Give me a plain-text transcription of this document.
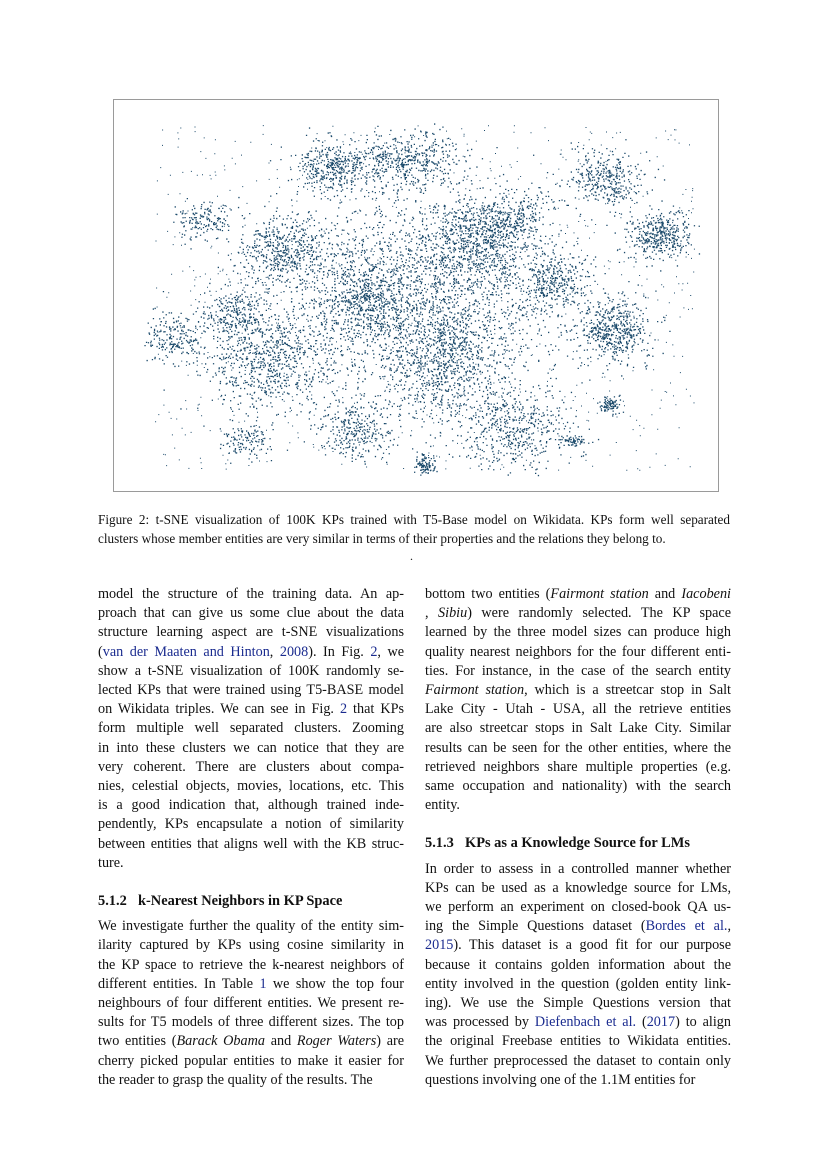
Figure 2: t-SNE visualization of 100K KPs trained with T5-Base model on Wikidata. KPs form well separated
clusters whose member entities are very similar in terms of their properties and the relations they belong to.
.
model the structure of the training data. An ap-
proach that can give us some clue about the data
structure learning aspect are t-SNE visualizations
(van der Maaten and Hinton, 2008). In Fig. 2, we
show a t-SNE visualization of 100K randomly se-
lected KPs that were trained using T5-BASE model
on Wikidata triples. We can see in Fig. 2 that KPs
form multiple well separated clusters. Zooming
in into these clusters we can notice that they are
very coherent. There are clusters about compa-
nies, celestial objects, movies, locations, etc. This
is a good indication that, although trained inde-
pendently, KPs encapsulate a notion of similarity
between entities that aligns well with the KB struc-
ture.
5.1.2 k-Nearest Neighbors in KP Space
We investigate further the quality of the entity sim-
ilarity captured by KPs using cosine similarity in
the KP space to retrieve the k-nearest neighbors of
different entities. In Table 1 we show the top four
neighbours of four different entities. We present re-
sults for T5 models of three different sizes. The top
two entities (Barack Obama and Roger Waters) are
cherry picked popular entities to make it easier for
the reader to grasp the quality of the results. The
bottom two entities (Fairmont station and Iacobeni
, Sibiu) were randomly selected. The KP space
learned by the three model sizes can produce high
quality nearest neighbors for the four different enti-
ties. For instance, in the case of the search entity
Fairmont station, which is a streetcar stop in Salt
Lake City - Utah - USA, all the retrieve entities
are also streetcar stops in Salt Lake City. Similar
results can be seen for the other entities, where the
retrieved neighbors share multiple properties (e.g.
same occupation and nationality) with the search
entity.
5.1.3 KPs as a Knowledge Source for LMs
In order to assess in a controlled manner whether
KPs can be used as a knowledge source for LMs,
we perform an experiment on closed-book QA us-
ing the Simple Questions dataset (Bordes et al.,
2015). This dataset is a good fit for our purpose
because it contains golden information about the
entity involved in the question (golden entity link-
ing). We use the Simple Questions version that
was processed by Diefenbach et al. (2017) to align
the original Freebase entities to Wikidata entities.
We further preprocessed the dataset to contain only
questions involving one of the 1.1M entities for
